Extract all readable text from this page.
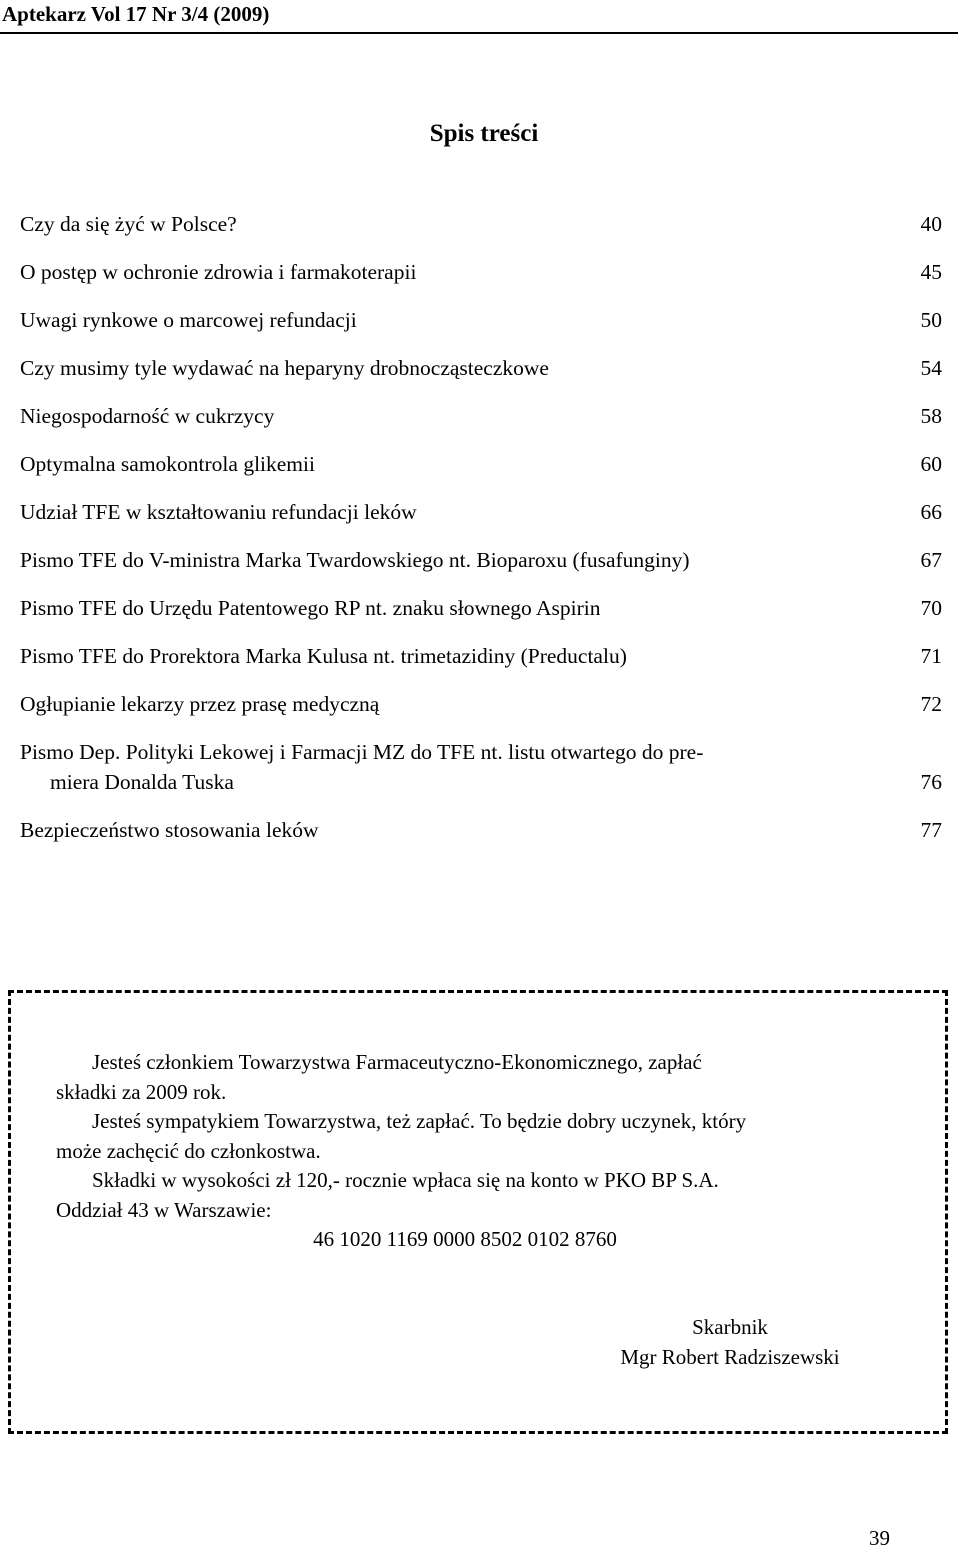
Aptekarz Vol 17 Nr 3/4 (2009)
Spis treści
Czy da się żyć w Polsce?	40
O postęp w ochronie zdrowia i farmakoterapii	45
Uwagi rynkowe o marcowej refundacji	50
Czy musimy tyle wydawać na heparyny drobnocząsteczkowe	54
Niegospodarność w cukrzycy	58
Optymalna samokontrola glikemii	60
Udział TFE w kształtowaniu refundacji leków	66
Pismo TFE do V-ministra Marka Twardowskiego nt. Bioparoxu (fusafunginy)	67
Pismo TFE do Urzędu Patentowego RP nt. znaku słownego Aspirin	70
Pismo TFE do Prorektora Marka Kulusa nt. trimetazidiny (Preductalu)	71
Ogłupianie lekarzy przez prasę medyczną	72
Pismo Dep. Polityki Lekowej i Farmacji MZ do TFE nt. listu otwartego do pre-
miera Donalda Tuska	76
Bezpieczeństwo stosowania leków	77

Jesteś członkiem Towarzystwa Farmaceutyczno-Ekonomicznego, zapłać

składki za 2009 rok.

Jesteś sympatykiem Towarzystwa, też zapłać. To będzie dobry uczynek, który

może zachęcić do członkostwa.

Składki w wysokości zł 120,- rocznie wpłaca się na konto w PKO BP S.A.

Oddział 43 w Warszawie:

46 1020 1169 0000 8502 0102 8760

Skarbnik
Mgr Robert Radziszewski
39
